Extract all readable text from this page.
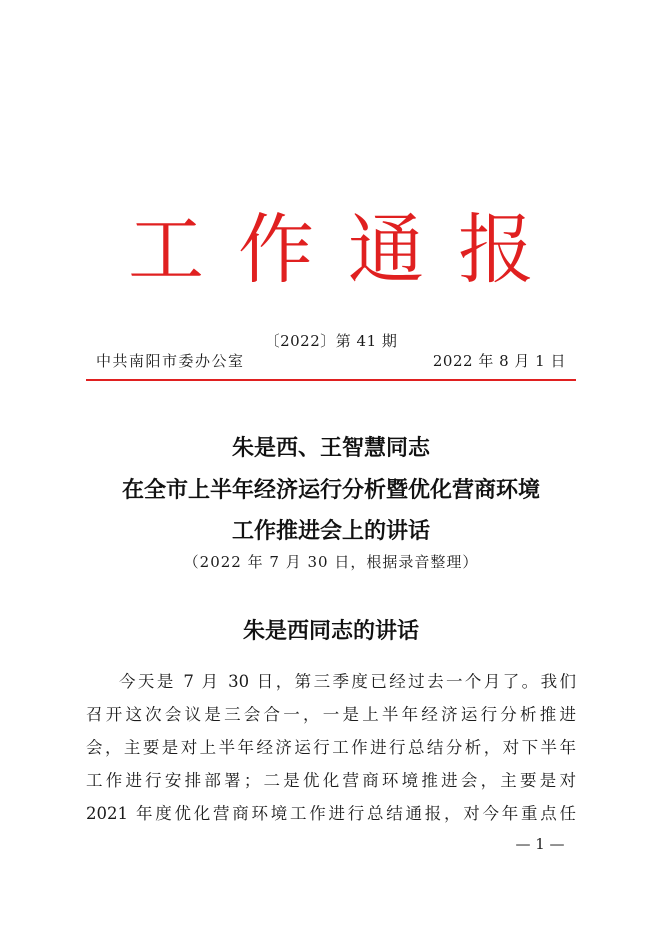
工作通报
〔2022〕第 41 期
中共南阳市委办公室	2022 年 8 月 1 日
朱是西、王智慧同志
在全市上半年经济运行分析暨优化营商环境
工作推进会上的讲话
（2022 年 7 月 30 日，根据录音整理）
朱是西同志的讲话
今天是 7 月 30 日，第三季度已经过去一个月了。我们
召开这次会议是三会合一，一是上半年经济运行分析推进
会，主要是对上半年经济运行工作进行总结分析，对下半年
工作进行安排部署；二是优化营商环境推进会，主要是对
2021 年度优化营商环境工作进行总结通报，对今年重点任
— 1 —
